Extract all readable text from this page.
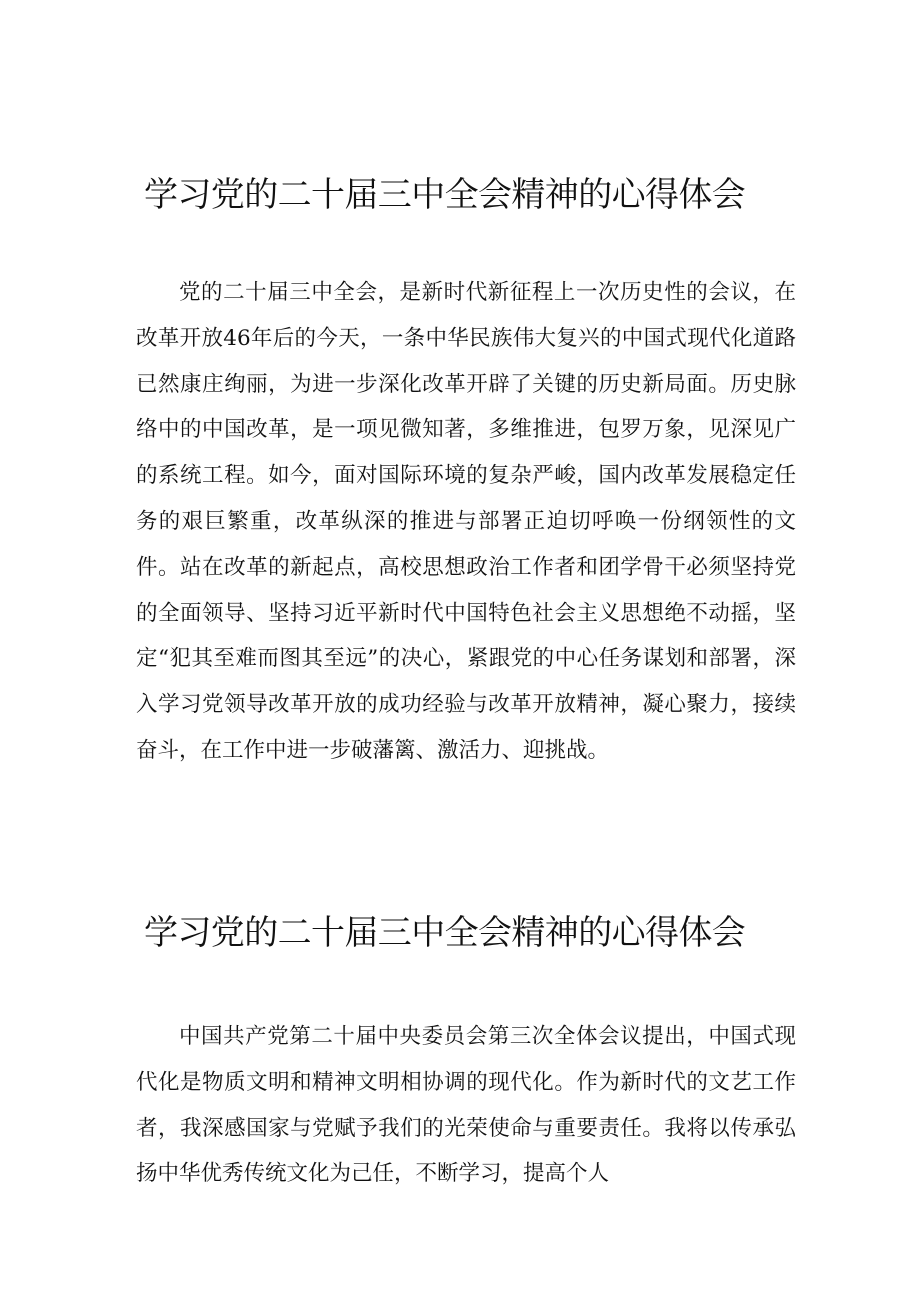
学习党的二十届三中全会精神的心得体会

党的二十届三中全会，是新时代新征程上一次历史性的会议，在改革开放46年后的今天，一条中华民族伟大复兴的中国式现代化道路已然康庄绚丽，为进一步深化改革开辟了关键的历史新局面。历史脉络中的中国改革，是一项见微知著，多维推进，包罗万象，见深见广的系统工程。如今，面对国际环境的复杂严峻，国内改革发展稳定任务的艰巨繁重，改革纵深的推进与部署正迫切呼唤一份纲领性的文件。站在改革的新起点，高校思想政治工作者和团学骨干必须坚持党的全面领导、坚持习近平新时代中国特色社会主义思想绝不动摇，坚定“犯其至难而图其至远”的决心，紧跟党的中心任务谋划和部署，深入学习党领导改革开放的成功经验与改革开放精神，凝心聚力，接续奋斗，在工作中进一步破藩篱、激活力、迎挑战。

学习党的二十届三中全会精神的心得体会

中国共产党第二十届中央委员会第三次全体会议提出，中国式现代化是物质文明和精神文明相协调的现代化。作为新时代的文艺工作者，我深感国家与党赋予我们的光荣使命与重要责任。我将以传承弘扬中华优秀传统文化为己任，不断学习，提高个人
